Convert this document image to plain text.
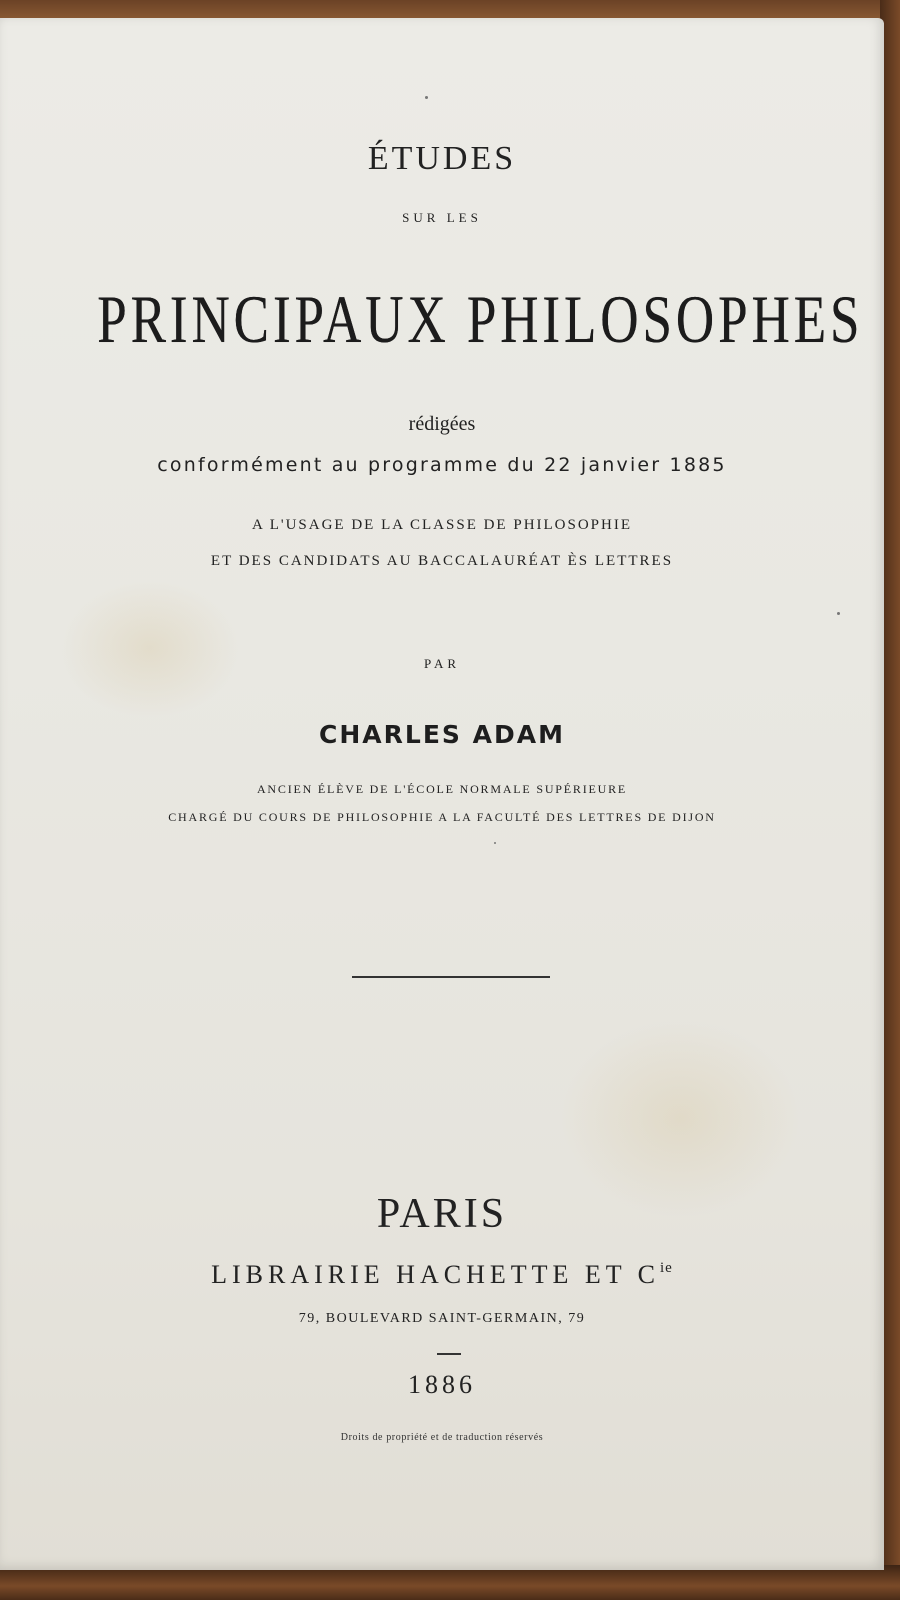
ÉTUDES
SUR LES
PRINCIPAUX PHILOSOPHES
rédigées
conformément au programme du 22 janvier 1885
A L'USAGE DE LA CLASSE DE PHILOSOPHIE
ET DES CANDIDATS AU BACCALAURÉAT ÈS LETTRES
PAR
CHARLES ADAM
ANCIEN ÉLÈVE DE L'ÉCOLE NORMALE SUPÉRIEURE
CHARGÉ DU COURS DE PHILOSOPHIE A LA FACULTÉ DES LETTRES DE DIJON
PARIS
LIBRAIRIE HACHETTE ET $C^{ie}$
79, BOULEVARD SAINT-GERMAIN, 79
1886
Droits de propriété et de traduction réservés
